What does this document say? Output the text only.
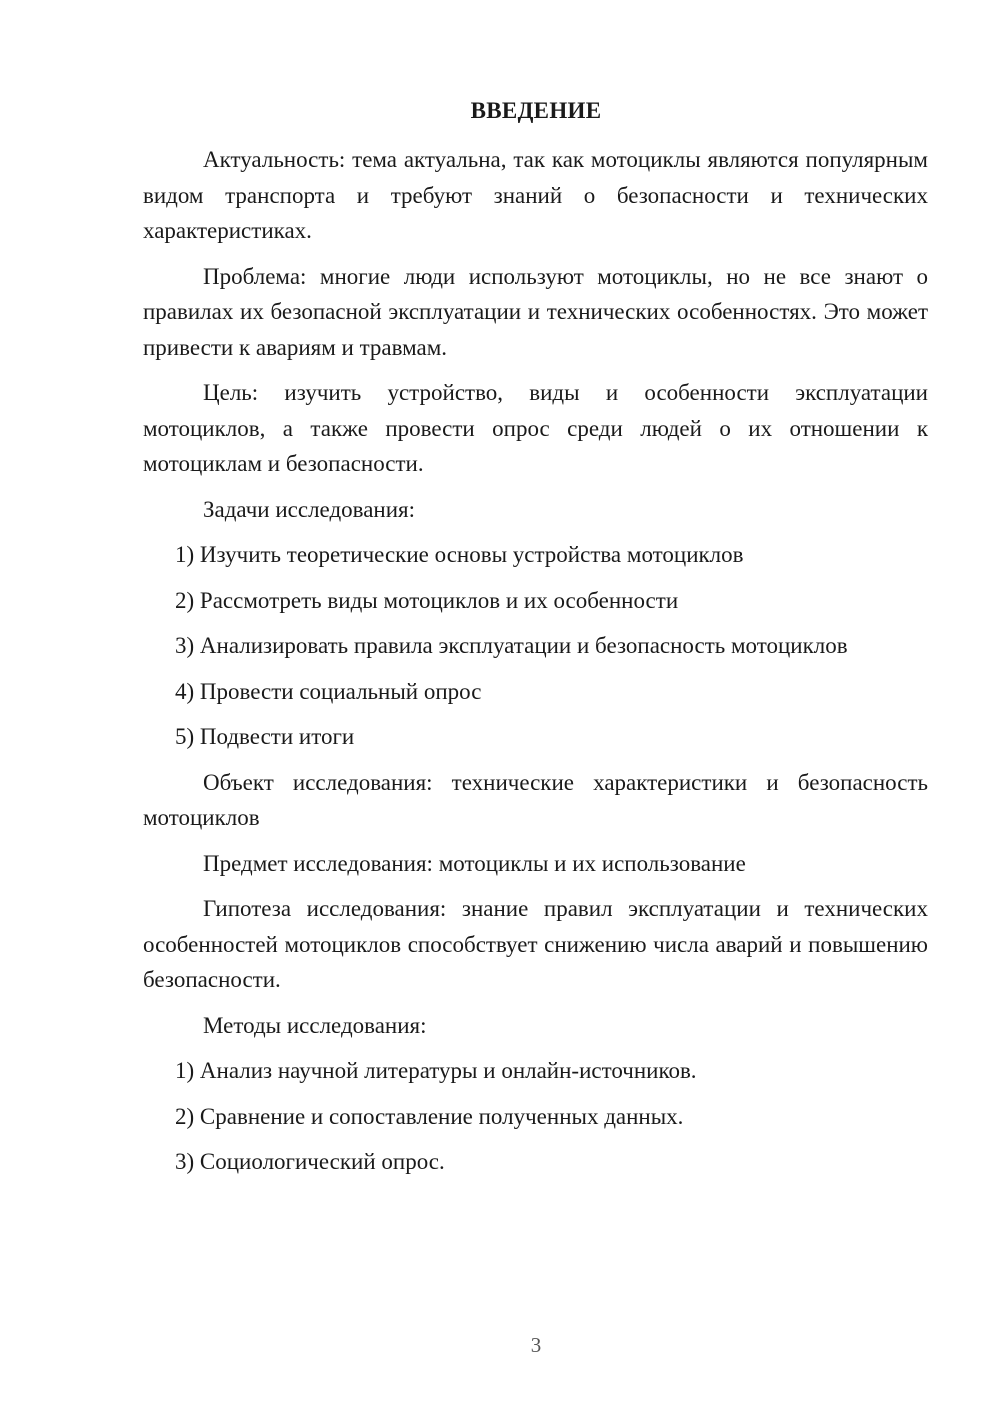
ВВЕДЕНИЕ

Актуальность: тема актуальна, так как мотоциклы являются популярным видом транспорта и требуют знаний о безопасности и технических характеристиках.

Проблема: многие люди используют мотоциклы, но не все знают о правилах их безопасной эксплуатации и технических особенностях. Это может привести к авариям и травмам.

Цель: изучить устройство, виды и особенности эксплуатации мотоциклов, а также провести опрос среди людей о их отношении к мотоциклам и безопасности.

Задачи исследования:

1) Изучить теоретические основы устройства мотоциклов

2) Рассмотреть виды мотоциклов и их особенности

3) Анализировать правила эксплуатации и безопасность мотоциклов

4) Провести социальный опрос

5) Подвести итоги

Объект исследования: технические характеристики и безопасность мотоциклов

Предмет исследования: мотоциклы и их использование

Гипотеза исследования: знание правил эксплуатации и технических особенностей мотоциклов способствует снижению числа аварий и повышению безопасности.

Методы исследования:

1) Анализ научной литературы и онлайн-источников.

2) Сравнение и сопоставление полученных данных.

3) Социологический опрос.

3
